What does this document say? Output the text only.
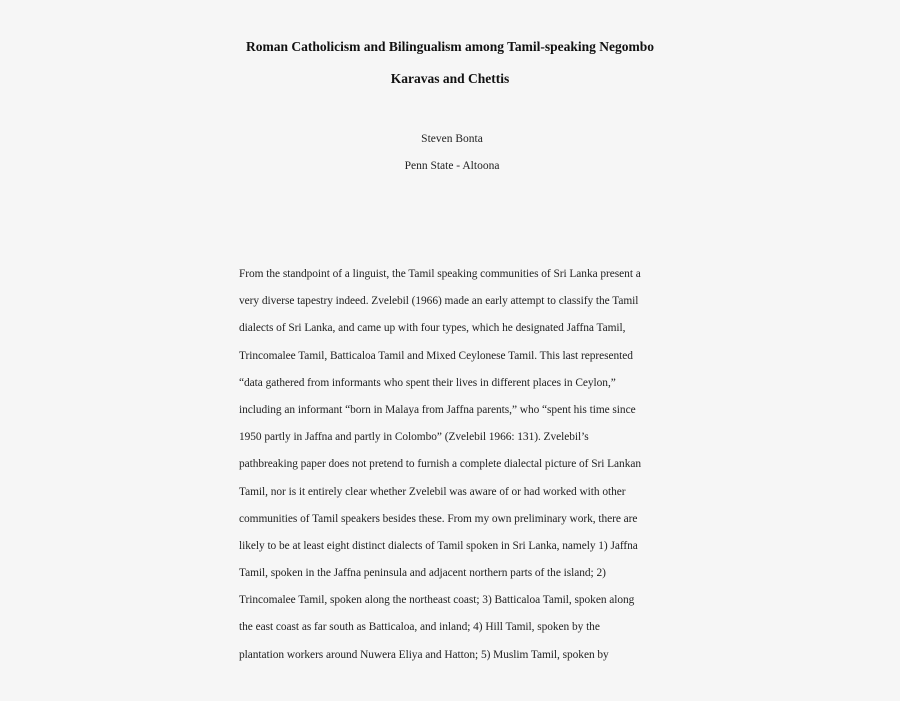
Roman Catholicism and Bilingualism among Tamil-speaking Negombo
Karavas and Chettis
Steven Bonta
Penn State - Altoona
From the standpoint of a linguist, the Tamil speaking communities of Sri Lanka present a
very diverse tapestry indeed. Zvelebil (1966) made an early attempt to classify the Tamil
dialects of Sri Lanka, and came up with four types, which he designated Jaffna Tamil,
Trincomalee Tamil, Batticaloa Tamil and Mixed Ceylonese Tamil. This last represented
“data gathered from informants who spent their lives in different places in Ceylon,”
including an informant “born in Malaya from Jaffna parents,” who “spent his time since
1950 partly in Jaffna and partly in Colombo” (Zvelebil 1966: 131). Zvelebil’s
pathbreaking paper does not pretend to furnish a complete dialectal picture of Sri Lankan
Tamil, nor is it entirely clear whether Zvelebil was aware of or had worked with other
communities of Tamil speakers besides these. From my own preliminary work, there are
likely to be at least eight distinct dialects of Tamil spoken in Sri Lanka, namely 1) Jaffna
Tamil, spoken in the Jaffna peninsula and adjacent northern parts of the island; 2)
Trincomalee Tamil, spoken along the northeast coast; 3) Batticaloa Tamil, spoken along
the east coast as far south as Batticaloa, and inland; 4) Hill Tamil, spoken by the
plantation workers around Nuwera Eliya and Hatton; 5) Muslim Tamil, spoken by
